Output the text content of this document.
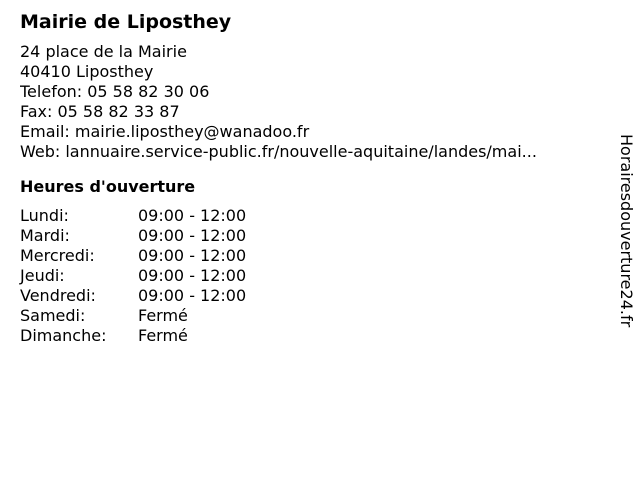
Mairie de Liposthey
24 place de la Mairie
40410 Liposthey
Telefon: 05 58 82 30 06
Fax: 05 58 82 33 87
Email: mairie.liposthey@wanadoo.fr
Web: lannuaire.service-public.fr/nouvelle-aquitaine/landes/mai...
Heures d'ouverture
Lundi:	09:00 - 12:00
Mardi:	09:00 - 12:00
Mercredi:	09:00 - 12:00
Jeudi:	09:00 - 12:00
Vendredi:	09:00 - 12:00
Samedi:	Fermé
Dimanche:	Fermé
Horairesdouverture24.fr
